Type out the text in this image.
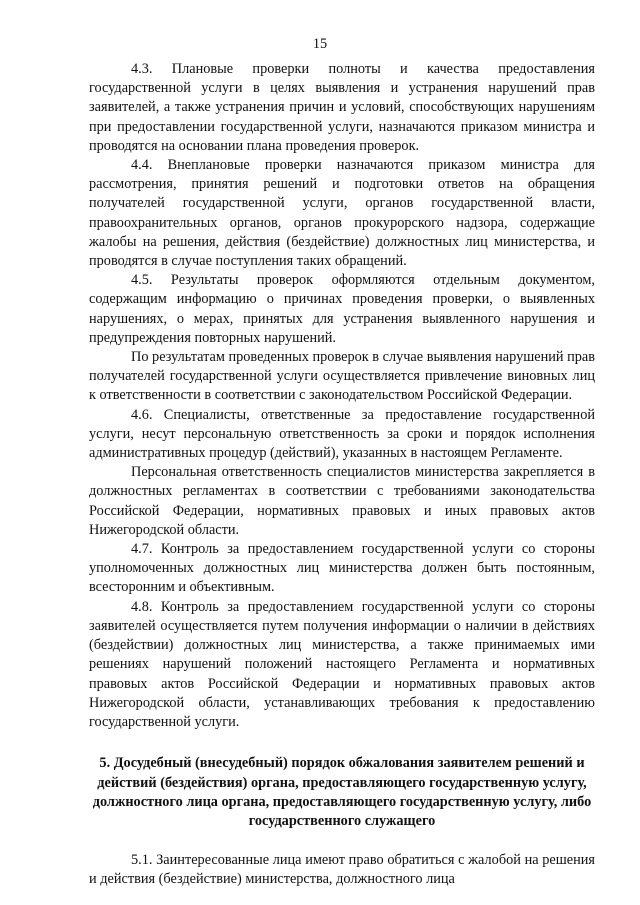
15

4.3. Плановые проверки полноты и качества предоставления государственной услуги в целях выявления и устранения нарушений прав заявителей, а также устранения причин и условий, способствующих нарушениям при предоставлении государственной услуги, назначаются приказом министра и проводятся на основании плана проведения проверок.

4.4. Внеплановые проверки назначаются приказом министра для рассмотрения, принятия решений и подготовки ответов на обращения получателей государственной услуги, органов государственной власти, правоохранительных органов, органов прокурорского надзора, содержащие жалобы на решения, действия (бездействие) должностных лиц министерства, и проводятся в случае поступления таких обращений.

4.5. Результаты проверок оформляются отдельным документом, содержащим информацию о причинах проведения проверки, о выявленных нарушениях, о мерах, принятых для устранения выявленного нарушения и предупреждения повторных нарушений.

По результатам проведенных проверок в случае выявления нарушений прав получателей государственной услуги осуществляется привлечение виновных лиц к ответственности в соответствии с законодательством Российской Федерации.

4.6. Специалисты, ответственные за предоставление государственной услуги, несут персональную ответственность за сроки и порядок исполнения административных процедур (действий), указанных в настоящем Регламенте.

Персональная ответственность специалистов министерства закрепляется в должностных регламентах в соответствии с требованиями законодательства Российской Федерации, нормативных правовых и иных правовых актов Нижегородской области.

4.7. Контроль за предоставлением государственной услуги со стороны уполномоченных должностных лиц министерства должен быть постоянным, всесторонним и объективным.

4.8. Контроль за предоставлением государственной услуги со стороны заявителей осуществляется путем получения информации о наличии в действиях (бездействии) должностных лиц министерства, а также принимаемых ими решениях нарушений положений настоящего Регламента и нормативных правовых актов Российской Федерации и нормативных правовых актов Нижегородской области, устанавливающих требования к предоставлению государственной услуги.

5. Досудебный (внесудебный) порядок обжалования заявителем решений и действий (бездействия) органа, предоставляющего государственную услугу, должностного лица органа, предоставляющего государственную услугу, либо государственного служащего

5.1. Заинтересованные лица имеют право обратиться с жалобой на решения и действия (бездействие) министерства, должностного лица
